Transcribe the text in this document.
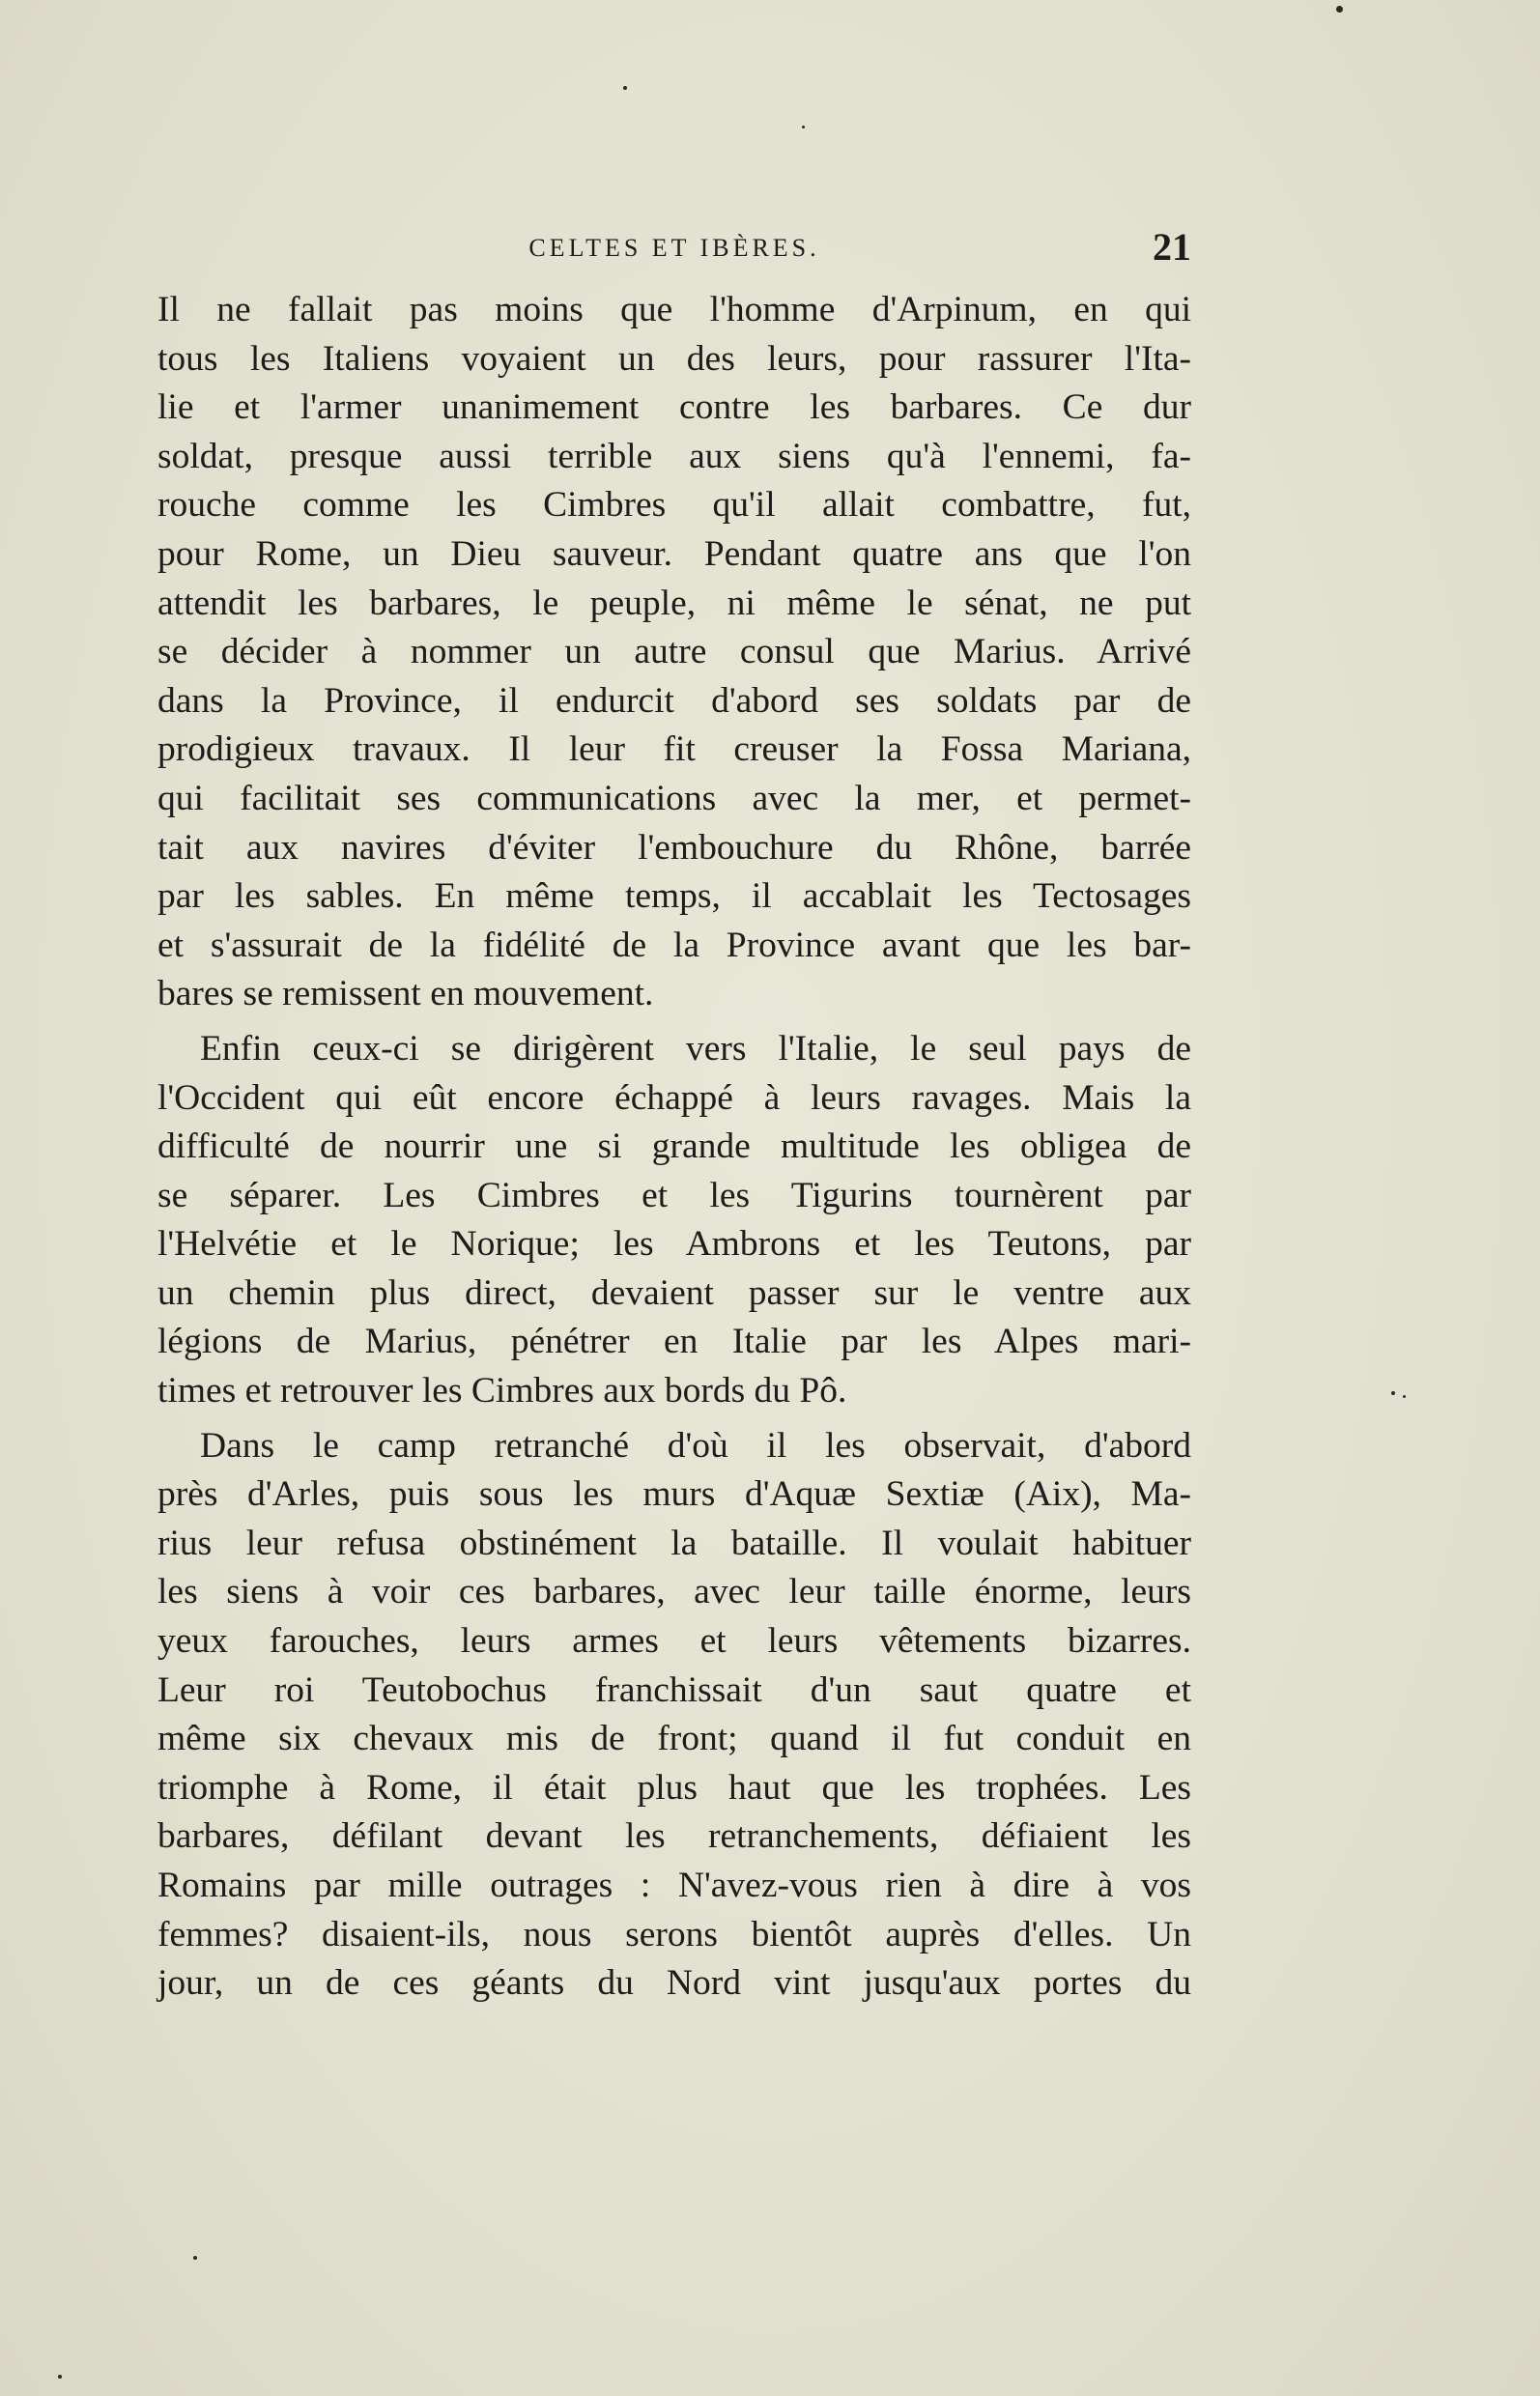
CELTES ET IBÈRES.	21
Il ne fallait pas moins que l'homme d'Arpinum, en qui
tous les Italiens voyaient un des leurs, pour rassurer l'Ita-
lie et l'armer unanimement contre les barbares. Ce dur
soldat, presque aussi terrible aux siens qu'à l'ennemi, fa-
rouche comme les Cimbres qu'il allait combattre, fut,
pour Rome, un Dieu sauveur. Pendant quatre ans que l'on
attendit les barbares, le peuple, ni même le sénat, ne put
se décider à nommer un autre consul que Marius. Arrivé
dans la Province, il endurcit d'abord ses soldats par de
prodigieux travaux. Il leur fit creuser la Fossa Mariana,
qui facilitait ses communications avec la mer, et permet-
tait aux navires d'éviter l'embouchure du Rhône, barrée
par les sables. En même temps, il accablait les Tectosages
et s'assurait de la fidélité de la Province avant que les bar-
bares se remissent en mouvement.
Enfin ceux-ci se dirigèrent vers l'Italie, le seul pays de
l'Occident qui eût encore échappé à leurs ravages. Mais la
difficulté de nourrir une si grande multitude les obligea de
se séparer. Les Cimbres et les Tigurins tournèrent par
l'Helvétie et le Norique; les Ambrons et les Teutons, par
un chemin plus direct, devaient passer sur le ventre aux
légions de Marius, pénétrer en Italie par les Alpes mari-
times et retrouver les Cimbres aux bords du Pô.
Dans le camp retranché d'où il les observait, d'abord
près d'Arles, puis sous les murs d'Aquæ Sextiæ (Aix), Ma-
rius leur refusa obstinément la bataille. Il voulait habituer
les siens à voir ces barbares, avec leur taille énorme, leurs
yeux farouches, leurs armes et leurs vêtements bizarres.
Leur roi Teutobochus franchissait d'un saut quatre et
même six chevaux mis de front; quand il fut conduit en
triomphe à Rome, il était plus haut que les trophées. Les
barbares, défilant devant les retranchements, défiaient les
Romains par mille outrages : N'avez-vous rien à dire à vos
femmes? disaient-ils, nous serons bientôt auprès d'elles. Un
jour, un de ces géants du Nord vint jusqu'aux portes du
